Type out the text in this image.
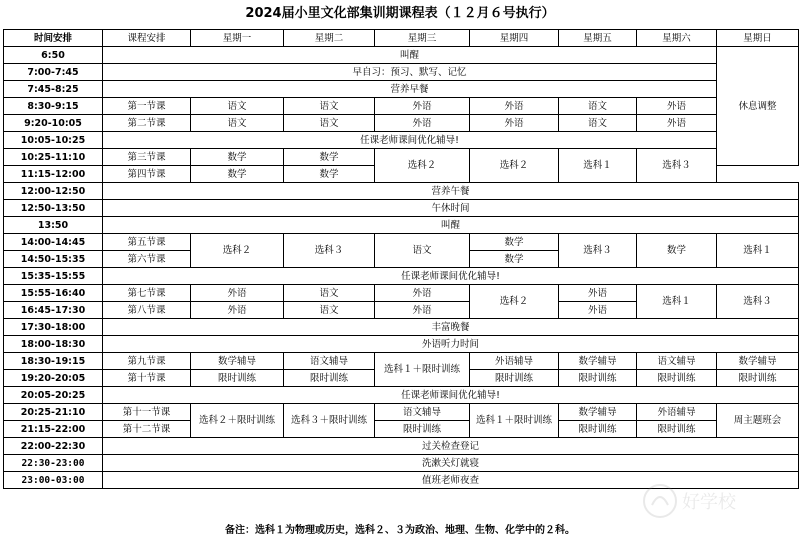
2024届小里文化部集训期课程表（１２月６号执行）
时间安排	课程安排	星期一	星期二	星期三	星期四	星期五	星期六	星期日
6:50	叫醒							休息调整
7:00-7:45	早自习：预习、默写、记忆							
7:45-8:25	营养早餐							
8:30-9:15	第一节课	语文	语文	外语	外语	语文	外语	
9:20-10:05	第二节课	语文	语文	外语	外语	语文	外语	
10:05-10:25	任课老师课间优化辅导!							
10:25-11:10	第三节课	数学	数学	选科２	选科２	选科１	选科３	
11:15-12:00	第四节课	数学	数学					
12:00-12:50	营养午餐							
12:50-13:50	午休时间							
13:50	叫醒							
14:00-14:45	第五节课	选科２	选科３	语文	数学	选科３	数学	选科１
14:50-15:35	第六节课				数学			
15:35-15:55	任课老师课间优化辅导!							
15:55-16:40	第七节课	外语	语文	外语	选科２	外语	选科１	选科３
16:45-17:30	第八节课	外语	语文	外语		外语		
17:30-18:00	丰富晚餐							
18:00-18:30	外语听力时间							
18:30-19:15	第九节课	数学辅导	语文辅导	选科１＋限时训练	外语辅导	数学辅导	语文辅导	数学辅导
19:20-20:05	第十节课	限时训练	限时训练		限时训练	限时训练	限时训练	限时训练
20:05-20:25	任课老师课间优化辅导!							
20:25-21:10	第十一节课	选科２＋限时训练	选科３＋限时训练	语文辅导	选科１＋限时训练	数学辅导	外语辅导	周主题班会
21:15-22:00	第十二节课			限时训练		限时训练	限时训练	
22:00-22:30	过关检查登记							
22:30-23:00	洗漱关灯就寝							
23:00-03:00	值班老师夜查							
备注：选科１为物理或历史，选科２、３为政治、地理、生物、化学中的２科。
好学校
